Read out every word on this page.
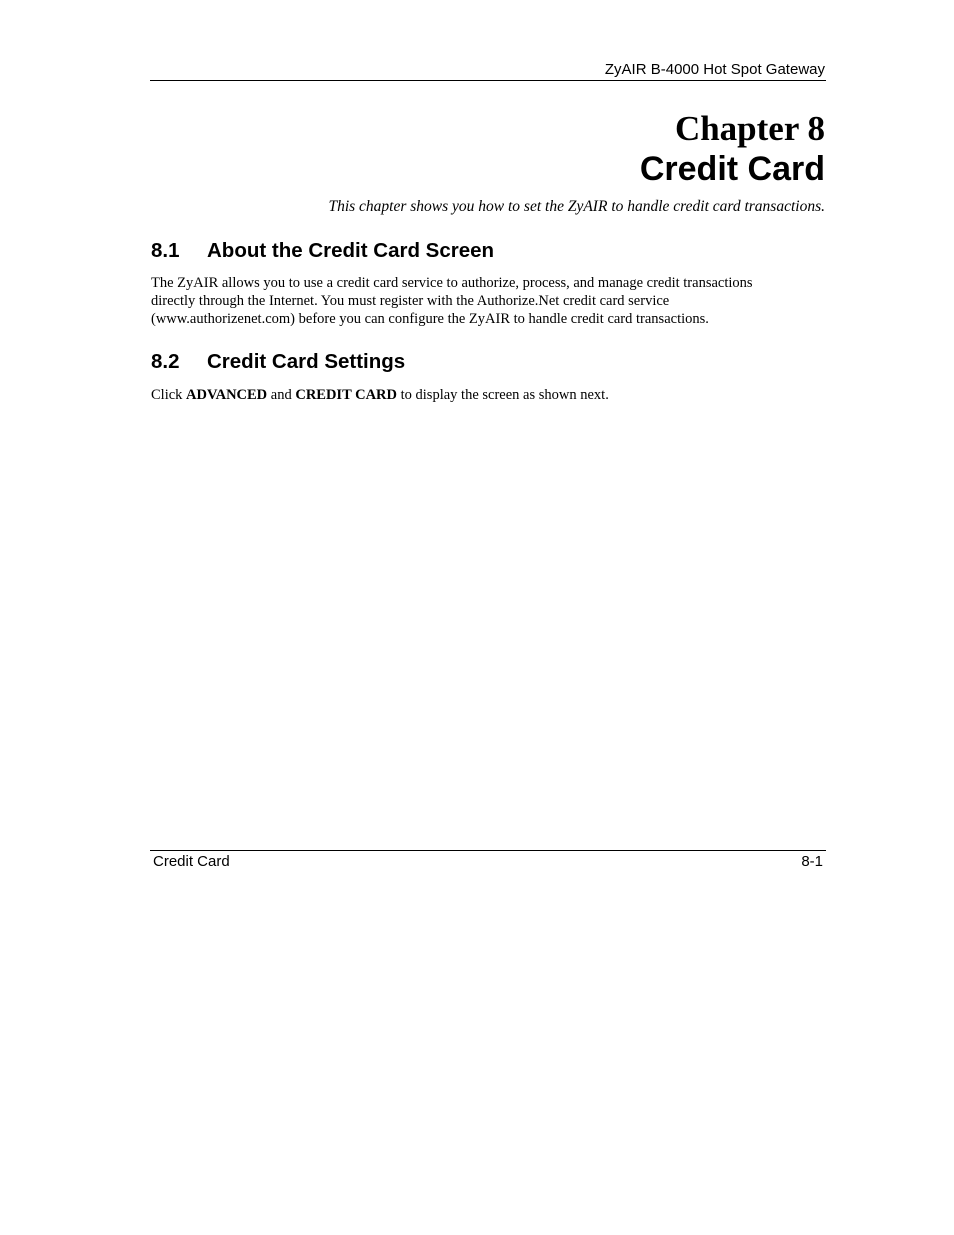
ZyAIR B-4000 Hot Spot Gateway
Chapter 8
Credit Card
This chapter shows you how to set the ZyAIR to handle credit card transactions.
8.1 About the Credit Card Screen

The ZyAIR allows you to use a credit card service to authorize, process, and manage credit transactions
directly through the Internet. You must register with the Authorize.Net credit card service
(www.authorizenet.com) before you can configure the ZyAIR to handle credit card transactions.

8.2 Credit Card Settings

Click ADVANCED and CREDIT CARD to display the screen as shown next.

Credit Card	8-1
